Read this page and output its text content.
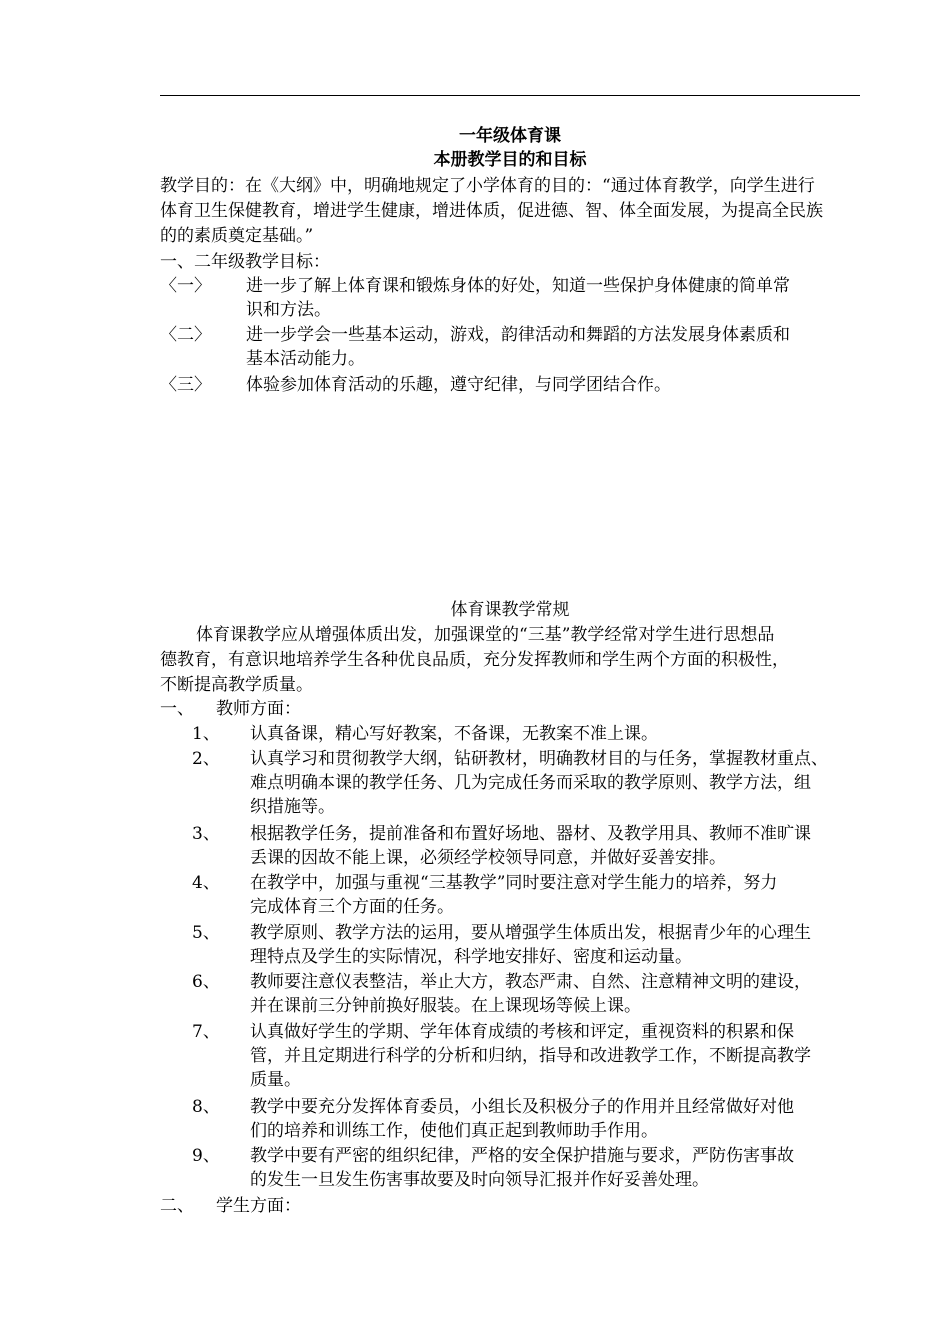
一年级体育课
本册教学目的和目标
教学目的：在《大纲》中，明确地规定了小学体育的目的：“通过体育教学，向学生进行
体育卫生保健教育，增进学生健康，增进体质，促进德、智、体全面发展，为提高全民族
的的素质奠定基础。”
一、二年级教学目标：
〈一〉 进一步了解上体育课和锻炼身体的好处，知道一些保护身体健康的简单常
识和方法。
〈二〉 进一步学会一些基本运动，游戏，韵律活动和舞蹈的方法发展身体素质和
基本活动能力。
〈三〉 体验参加体育活动的乐趣，遵守纪律，与同学团结合作。
体育课教学常规
体育课教学应从增强体质出发，加强课堂的“三基”教学经常对学生进行思想品
德教育，有意识地培养学生各种优良品质，充分发挥教师和学生两个方面的积极性，
不断提高教学质量。
一、 教师方面：
1、 认真备课，精心写好教案，不备课，无教案不准上课。
2、 认真学习和贯彻教学大纲，钻研教材，明确教材目的与任务，掌握教材重点、
难点明确本课的教学任务、几为完成任务而采取的教学原则、教学方法，组
织措施等。
3、 根据教学任务，提前准备和布置好场地、器材、及教学用具、教师不准旷课
丢课的因故不能上课，必须经学校领导同意，并做好妥善安排。
4、 在教学中，加强与重视“三基教学”同时要注意对学生能力的培养，努力
完成体育三个方面的任务。
5、 教学原则、教学方法的运用，要从增强学生体质出发，根据青少年的心理生
理特点及学生的实际情况，科学地安排好、密度和运动量。
6、 教师要注意仪表整洁，举止大方，教态严肃、自然、注意精神文明的建设，
并在课前三分钟前换好服装。在上课现场等候上课。
7、 认真做好学生的学期、学年体育成绩的考核和评定，重视资料的积累和保
管，并且定期进行科学的分析和归纳，指导和改进教学工作，不断提高教学
质量。
8、 教学中要充分发挥体育委员，小组长及积极分子的作用并且经常做好对他
们的培养和训练工作，使他们真正起到教师助手作用。
9、 教学中要有严密的组织纪律，严格的安全保护措施与要求，严防伤害事故
的发生一旦发生伤害事故要及时向领导汇报并作好妥善处理。
二、 学生方面：
